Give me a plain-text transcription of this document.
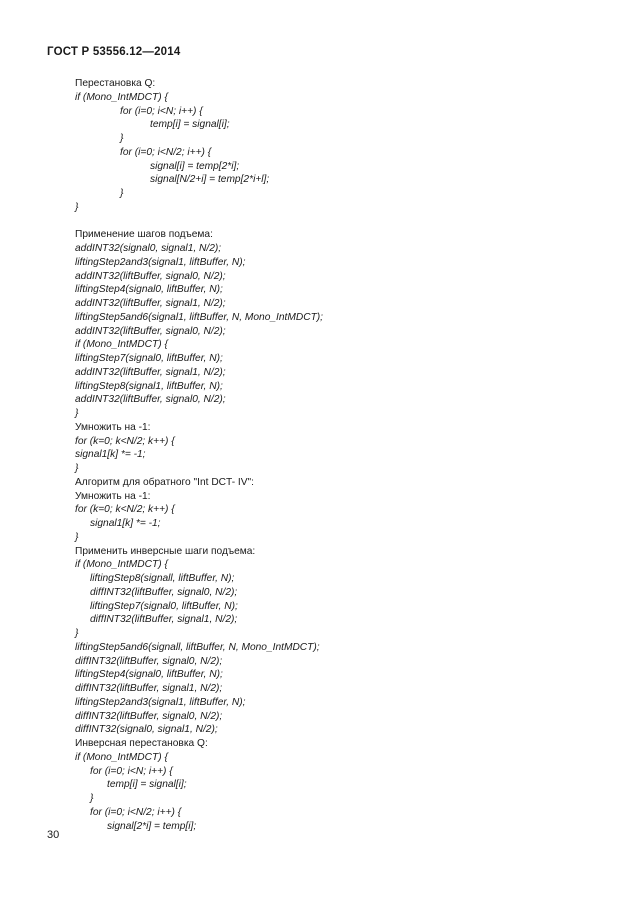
ГОСТ Р 53556.12—2014
Перестановка Q:
if (Mono_IntMDCT) {
for (i=0; i<N; i++) {
temp[i] = signal[i];
}
for (i=0; i<N/2; i++) {
signal[i] = temp[2*i];
signal[N/2+i] = temp[2*i+l];
}
}
Применение шагов подъема:
addINT32(signal0, signal1, N/2);
liftingStep2and3(signal1, liftBuffer, N);
addINT32(liftBuffer, signal0, N/2);
liftingStep4(signal0, liftBuffer, N);
addINT32(liftBuffer, signal1, N/2);
liftingStep5and6(signal1, liftBuffer, N, Mono_IntMDCT);
addINT32(liftBuffer, signal0, N/2);
if (Mono_IntMDCT) {
liftingStep7(signal0, liftBuffer, N);
addINT32(liftBuffer, signal1, N/2);
liftingStep8(signal1, liftBuffer, N);
addINT32(liftBuffer, signal0, N/2);
}
Умножить на -1:
for (k=0; k<N/2; k++) {
signal1[k] *= -1;
}
Алгоритм для обратного "Int DCT- IV":
Умножить на -1:
for (k=0; k<N/2; k++) {
signal1[k] *= -1;
}
Применить инверсные шаги подъема:
if (Mono_IntMDCT) {
liftingStep8(signall, liftBuffer, N);
diffINT32(liftBuffer, signal0, N/2);
liftingStep7(signal0, liftBuffer, N);
diffINT32(liftBuffer, signal1, N/2);
}
liftingStep5and6(signall, liftBuffer, N, Mono_IntMDCT);
diffINT32(liftBuffer, signal0, N/2);
liftingStep4(signal0, liftBuffer, N);
diffINT32(liftBuffer, signal1, N/2);
liftingStep2and3(signal1, liftBuffer, N);
diffINT32(liftBuffer, signal0, N/2);
diffINT32(signal0, signal1, N/2);
Инверсная перестановка Q:
if (Mono_IntMDCT) {
for (i=0; i<N; i++) {
temp[i] = signal[i];
}
for (i=0; i<N/2; i++) {
signal[2*i] = temp[i];
30
